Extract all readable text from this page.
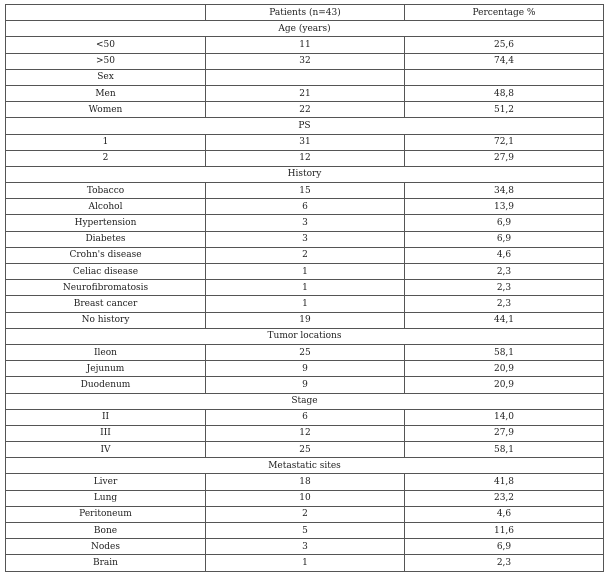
	Patients (n=43)	Percentage %
Age (years)		
<50	11	25,6
>50	32	74,4
Sex		
Men	21	48,8
Women	22	51,2
PS		
1	31	72,1
2	12	27,9
History		
Tobacco	15	34,8
Alcohol	6	13,9
Hypertension	3	6,9
Diabetes	3	6,9
Crohn's disease	2	4,6
Celiac disease	1	2,3
Neurofibromatosis	1	2,3
Breast cancer	1	2,3
No history	19	44,1
Tumor locations		
Ileon	25	58,1
Jejunum	9	20,9
Duodenum	9	20,9
Stage		
II	6	14,0
III	12	27,9
IV	25	58,1
Metastatic sites		
Liver	18	41,8
Lung	10	23,2
Peritoneum	2	4,6
Bone	5	11,6
Nodes	3	6,9
Brain	1	2,3
